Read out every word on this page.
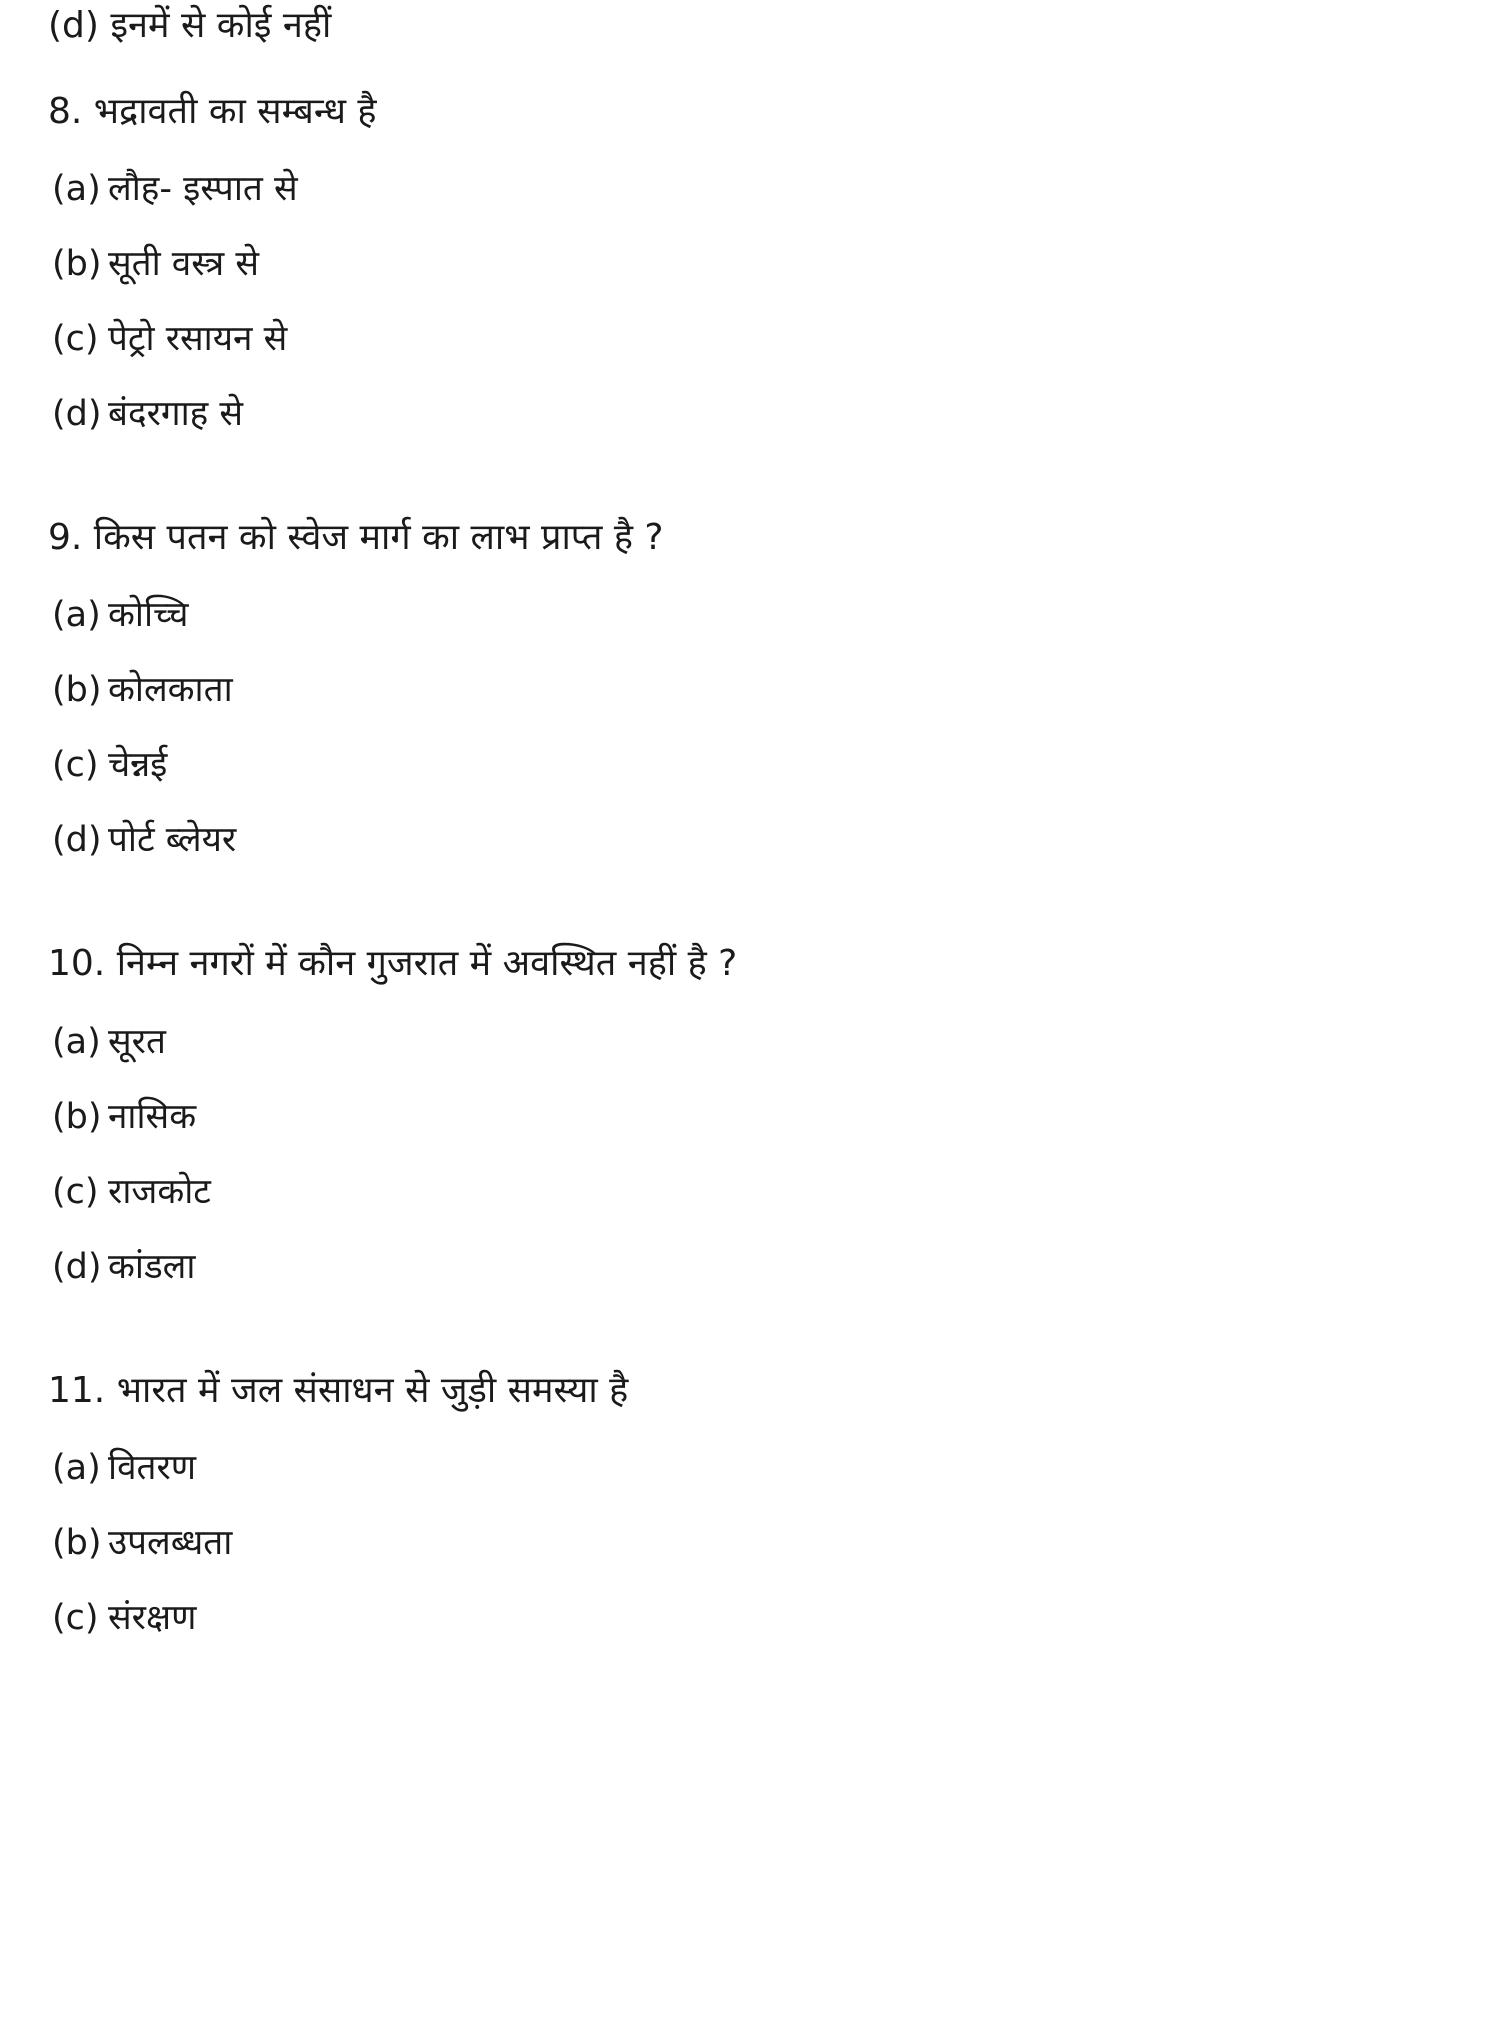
(d) इनमें से कोई नहीं
8. भद्रावती का सम्बन्ध है
(a) लौह- इस्पात से
(b) सूती वस्त्र से
(c) पेट्रो रसायन से
(d) बंदरगाह से
9. किस पतन को स्वेज मार्ग का लाभ प्राप्त है ?
(a) कोच्चि
(b) कोलकाता
(c) चेन्नई
(d) पोर्ट ब्लेयर
10. निम्न नगरों में कौन गुजरात में अवस्थित नहीं है ?
(a) सूरत
(b) नासिक
(c) राजकोट
(d) कांडला
11. भारत में जल संसाधन से जुड़ी समस्या है
(a) वितरण
(b) उपलब्धता
(c) संरक्षण
